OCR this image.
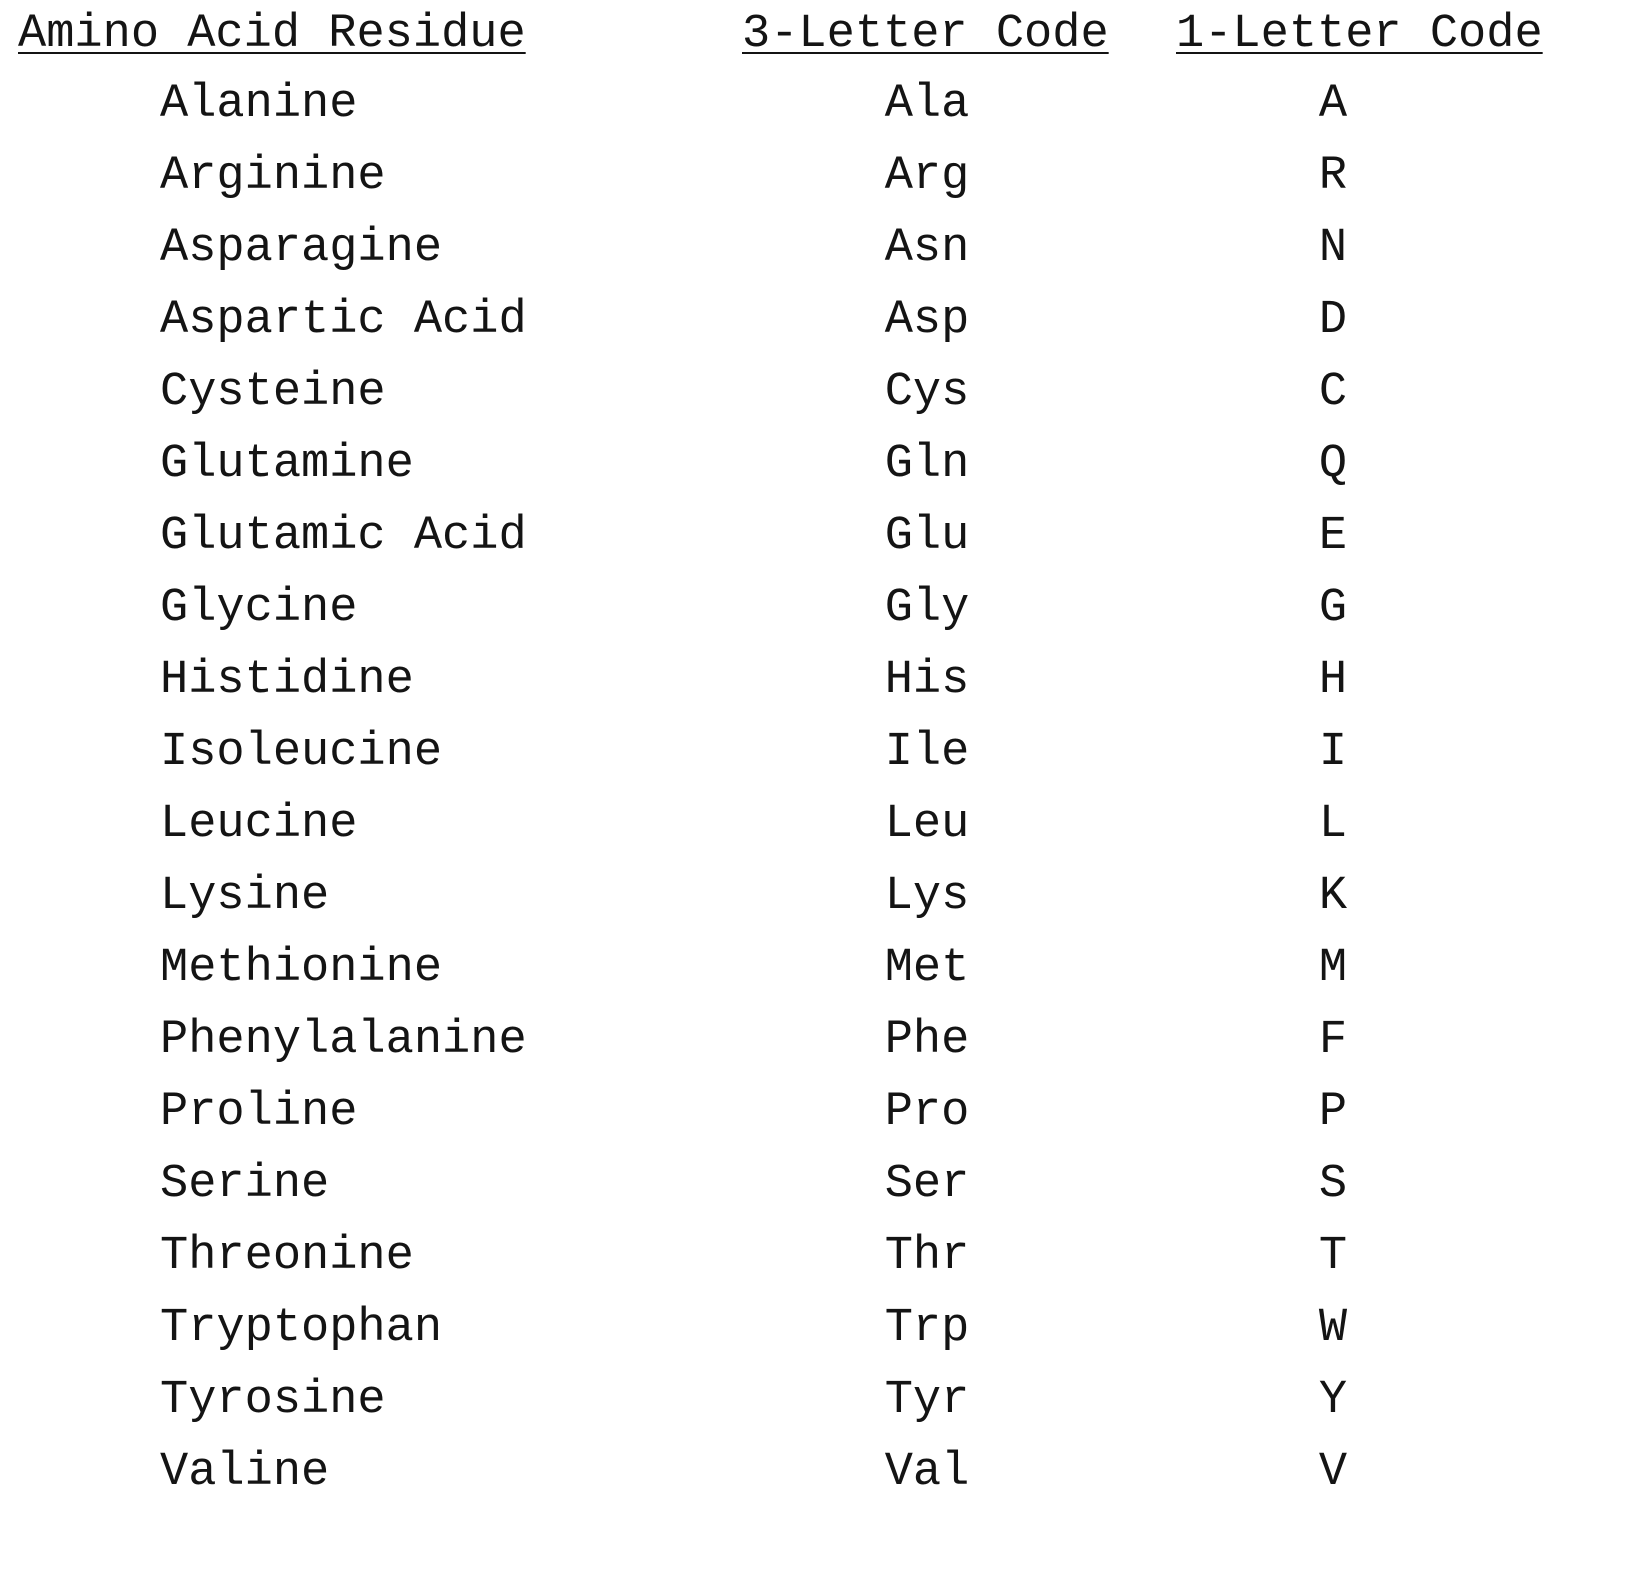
Amino Acid Residue	3-Letter Code 1-Letter Code
Alanine	Ala	A
Arginine	Arg	R
Asparagine	Asn	N
Aspartic Acid	Asp	D
Cysteine	Cys	C
Glutamine	Gln	Q
Glutamic Acid	Glu	E
Glycine	Gly	G
Histidine	His	H
Isoleucine	Ile	I
Leucine	Leu	L
Lysine	Lys	K
Methionine	Met	M
Phenylalanine	Phe	F
Proline	Pro	P
Serine	Ser	S
Threonine	Thr	T
Tryptophan	Trp	W
Tyrosine	Tyr	Y
Valine	Val	V
